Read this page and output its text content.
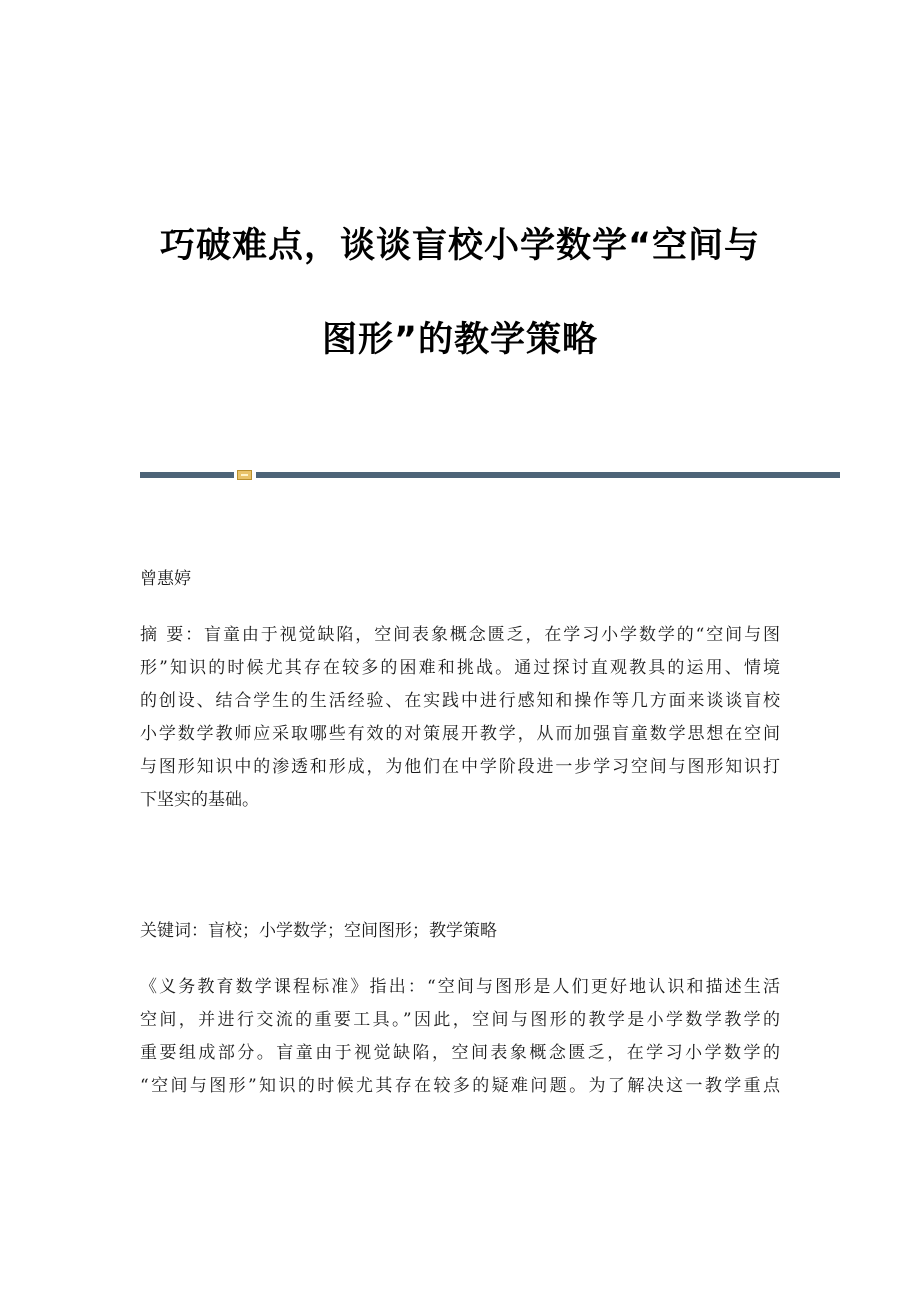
巧破难点，谈谈盲校小学数学“空间与
图形”的教学策略
曾惠婷
摘 要：盲童由于视觉缺陷，空间表象概念匮乏，在学习小学数学的“空间与图
形”知识的时候尤其存在较多的困难和挑战。通过探讨直观教具的运用、情境
的创设、结合学生的生活经验、在实践中进行感知和操作等几方面来谈谈盲校
小学数学教师应采取哪些有效的对策展开教学，从而加强盲童数学思想在空间
与图形知识中的渗透和形成，为他们在中学阶段进一步学习空间与图形知识打
下坚实的基础。
关键词：盲校；小学数学；空间图形；教学策略
《义务教育数学课程标准》指出：“空间与图形是人们更好地认识和描述生活
空间，并进行交流的重要工具。”因此，空间与图形的教学是小学数学教学的
重要组成部分。盲童由于视觉缺陷，空间表象概念匮乏，在学习小学数学的
“空间与图形”知识的时候尤其存在较多的疑难问题。为了解决这一教学重点
